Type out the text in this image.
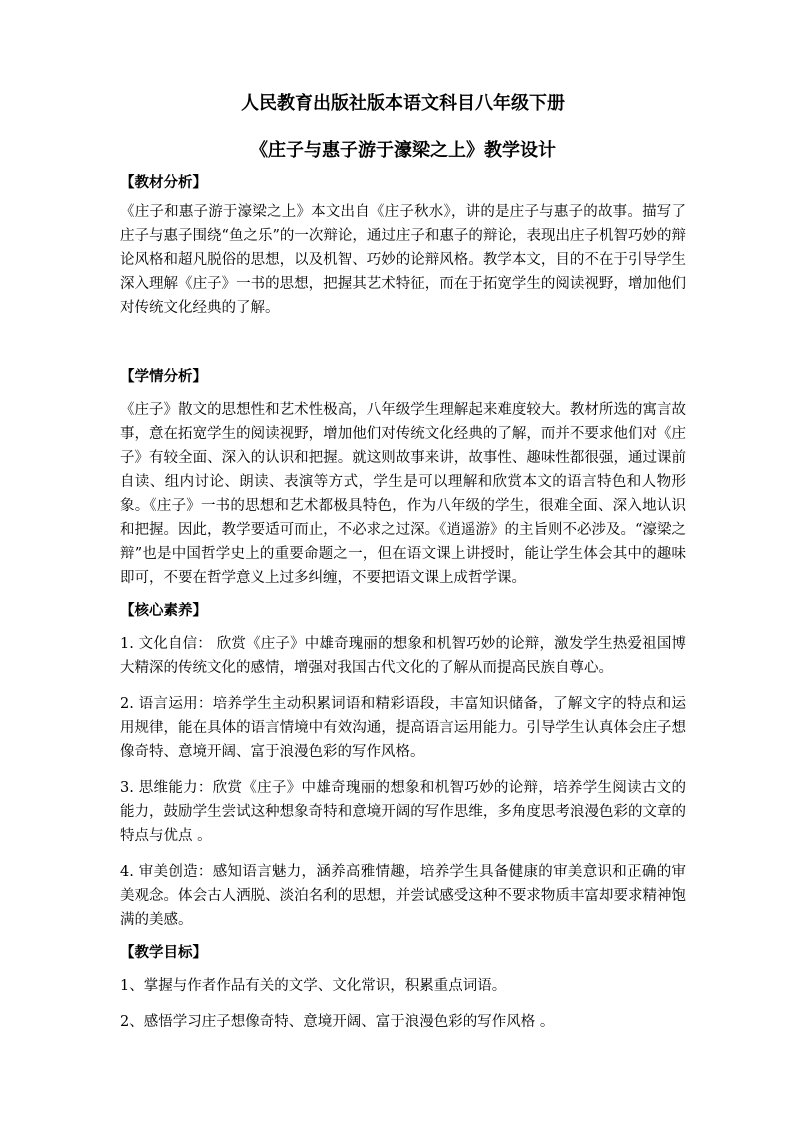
人民教育出版社版本语文科目八年级下册

《庄子与惠子游于濠梁之上》教学设计

【教材分析】

《庄子和惠子游于濠梁之上》本文出自《庄子秋水》，讲的是庄子与惠子的故事。描写了庄子与惠子围绕“鱼之乐”的一次辩论，通过庄子和惠子的辩论，表现出庄子机智巧妙的辩论风格和超凡脱俗的思想，以及机智、巧妙的论辩风格。教学本文，目的不在于引导学生深入理解《庄子》一书的思想，把握其艺术特征，而在于拓宽学生的阅读视野，增加他们对传统文化经典的了解。

【学情分析】

《庄子》散文的思想性和艺术性极高，八年级学生理解起来难度较大。教材所选的寓言故事，意在拓宽学生的阅读视野，增加他们对传统文化经典的了解，而并不要求他们对《庄子》有较全面、深入的认识和把握。就这则故事来讲，故事性、趣味性都很强，通过课前自读、组内讨论、朗读、表演等方式，学生是可以理解和欣赏本文的语言特色和人物形象。《庄子》一书的思想和艺术都极具特色，作为八年级的学生，很难全面、深入地认识和把握。因此，教学要适可而止，不必求之过深。《逍遥游》的主旨则不必涉及。“濠梁之辩”也是中国哲学史上的重要命题之一，但在语文课上讲授时，能让学生体会其中的趣味即可，不要在哲学意义上过多纠缠，不要把语文课上成哲学课。

【核心素养】

1. 文化自信： 欣赏《庄子》中雄奇瑰丽的想象和机智巧妙的论辩，激发学生热爱祖国博大精深的传统文化的感情，增强对我国古代文化的了解从而提高民族自尊心。

2. 语言运用：培养学生主动积累词语和精彩语段，丰富知识储备，了解文字的特点和运用规律，能在具体的语言情境中有效沟通，提高语言运用能力。引导学生认真体会庄子想像奇特、意境开阔、富于浪漫色彩的写作风格。

3. 思维能力：欣赏《庄子》中雄奇瑰丽的想象和机智巧妙的论辩，培养学生阅读古文的能力，鼓励学生尝试这种想象奇特和意境开阔的写作思维，多角度思考浪漫色彩的文章的特点与优点 。

4. 审美创造：感知语言魅力，涵养高雅情趣，培养学生具备健康的审美意识和正确的审美观念。体会古人洒脱、淡泊名利的思想，并尝试感受这种不要求物质丰富却要求精神饱满的美感。

【教学目标】

1、掌握与作者作品有关的文学、文化常识，积累重点词语。

2、感悟学习庄子想像奇特、意境开阔、富于浪漫色彩的写作风格 。
